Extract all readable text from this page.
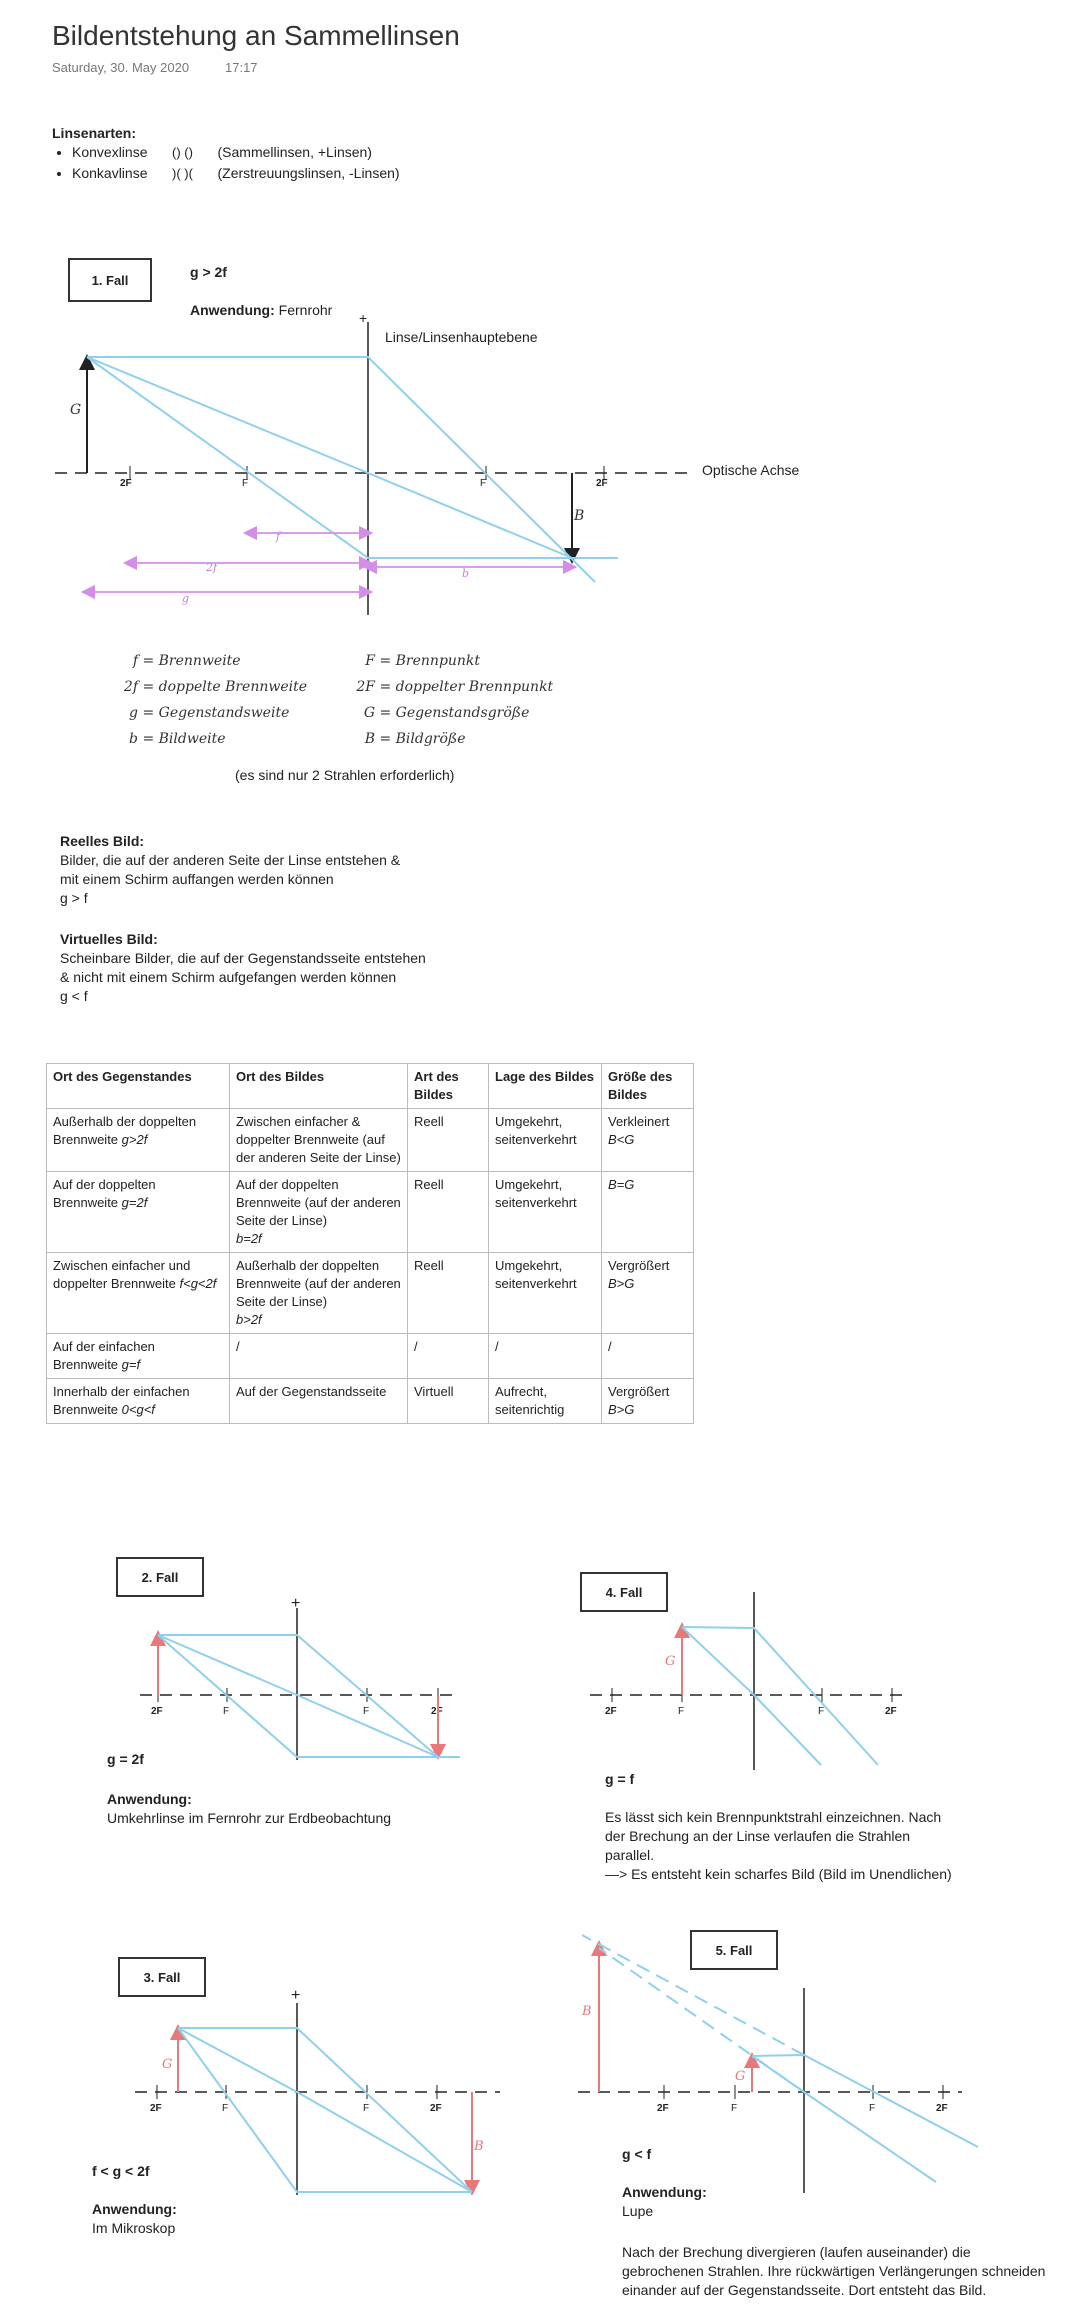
Bildentstehung an Sammellinsen
Saturday, 30. May 2020	17:17
Linsenarten:
• Konvexlinse () () (Sammellinsen, +Linsen)
• Konkavlinse )( )( (Zerstreuungslinsen, -Linsen)
1. Fall	g > 2f
Anwendung: Fernrohr
Linse/Linsenhauptebene
Optische Achse
+
G
B
2F	F	F	2F
f
2f
g
b
f = Brennweite
2f = doppelte Brennweite
g = Gegenstandsweite
b = Bildweite
F = Brennpunkt
2F = doppelter Brennpunkt
G = Gegenstandsgröße
B = Bildgröße
(es sind nur 2 Strahlen erforderlich)
Reelles Bild:
Bilder, die auf der anderen Seite der Linse entstehen &
mit einem Schirm auffangen werden können
g > f
Virtuelles Bild:
Scheinbare Bilder, die auf der Gegenstandsseite entstehen
& nicht mit einem Schirm aufgefangen werden können
g < f
Ort des Gegenstandes	Ort des Bildes	Art des Bildes	Lage des Bildes	Größe des Bildes
Außerhalb der doppelten Brennweite g>2f	Zwischen einfacher & doppelter Brennweite (auf der anderen Seite der Linse)	Reell	Umgekehrt, seitenverkehrt	Verkleinert
B<G
Auf der doppelten Brennweite g=2f	Auf der doppelten Brennweite (auf der anderen Seite der Linse)
b=2f	Reell	Umgekehrt, seitenverkehrt	B=G
Zwischen einfacher und doppelter Brennweite f<g<2f	Außerhalb der doppelten Brennweite (auf der anderen Seite der Linse)
b>2f	Reell	Umgekehrt, seitenverkehrt	Vergrößert
B>G
Auf der einfachen Brennweite g=f	/	/	/	/
Innerhalb der einfachen Brennweite 0<g<f	Auf der Gegenstandsseite	Virtuell	Aufrecht, seitenrichtig	Vergrößert
B>G
2. Fall
g = 2f
Anwendung:
Umkehrlinse im Fernrohr zur Erdbeobachtung
4. Fall
g = f
Es lässt sich kein Brennpunktstrahl einzeichnen. Nach
der Brechung an der Linse verlaufen die Strahlen
parallel.
—> Es entsteht kein scharfes Bild (Bild im Unendlichen)
3. Fall
f < g < 2f
Anwendung:
Im Mikroskop
5. Fall
g < f
Anwendung:
Lupe
Nach der Brechung divergieren (laufen auseinander) die
gebrochenen Strahlen. Ihre rückwärtigen Verlängerungen schneiden
einander auf der Gegenstandsseite. Dort entsteht das Bild.
+
2F	F	F	2F	2F	F	F	2F
G
+
2F	F	F	2F
G
B
2F	F	F	2F
B
G
